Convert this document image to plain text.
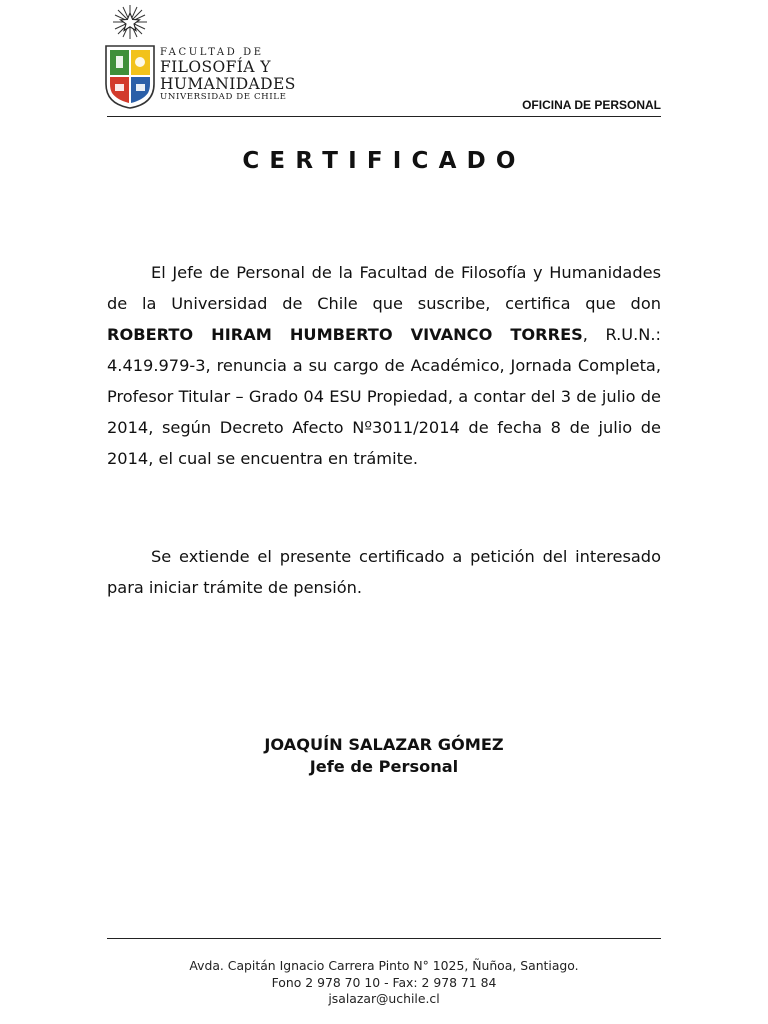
FACULTAD DE
FILOSOFÍA Y
HUMANIDADES
UNIVERSIDAD DE CHILE
OFICINA DE PERSONAL
CERTIFICADO

El Jefe de Personal de la Facultad de Filosofía y Humanidades de la Universidad de Chile que suscribe, certifica que don ROBERTO HIRAM HUMBERTO VIVANCO TORRES, R.U.N.: 4.419.979-3, renuncia a su cargo de Académico, Jornada Completa, Profesor Titular – Grado 04 ESU Propiedad, a contar del 3 de julio de 2014, según Decreto Afecto Nº3011/2014 de fecha 8 de julio de 2014, el cual se encuentra en trámite.

Se extiende el presente certificado a petición del interesado para iniciar trámite de pensión.

JOAQUÍN SALAZAR GÓMEZ
Jefe de Personal
Avda. Capitán Ignacio Carrera Pinto N° 1025, Ñuñoa, Santiago.
Fono 2 978 70 10 - Fax: 2 978 71 84
jsalazar@uchile.cl
